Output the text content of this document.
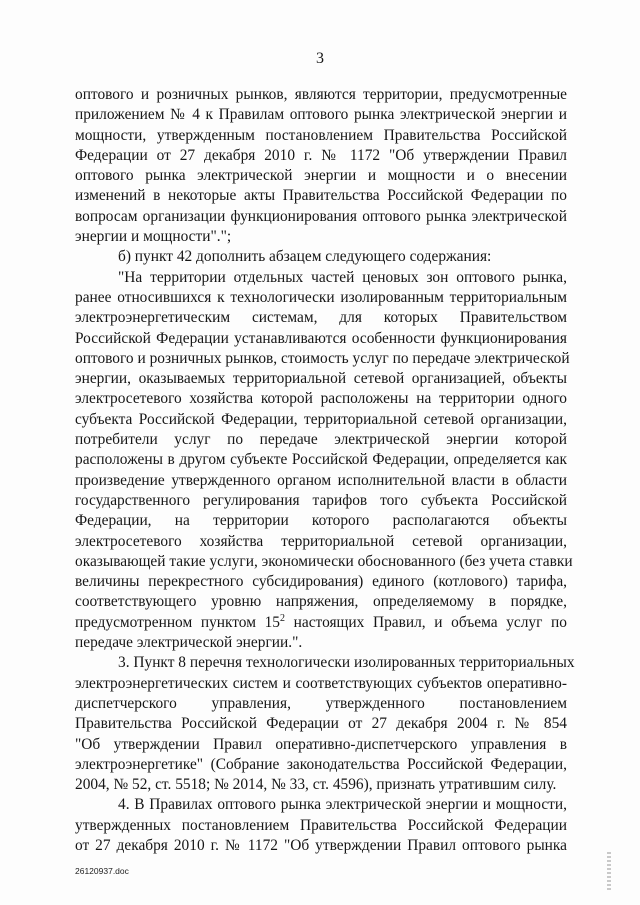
3
оптового и розничных рынков, являются территории, предусмотренные
приложением № 4 к Правилам оптового рынка электрической энергии и
мощности, утвержденным постановлением Правительства Российской
Федерации от 27 декабря 2010 г. № 1172 "Об утверждении Правил
оптового рынка электрической энергии и мощности и о внесении
изменений в некоторые акты Правительства Российской Федерации по
вопросам организации функционирования оптового рынка электрической
энергии и мощности".";
б) пункт 42 дополнить абзацем следующего содержания:
"На территории отдельных частей ценовых зон оптового рынка,
ранее относившихся к технологически изолированным территориальным
электроэнергетическим системам, для которых Правительством
Российской Федерации устанавливаются особенности функционирования
оптового и розничных рынков, стоимость услуг по передаче электрической
энергии, оказываемых территориальной сетевой организацией, объекты
электросетевого хозяйства которой расположены на территории одного
субъекта Российской Федерации, территориальной сетевой организации,
потребители услуг по передаче электрической энергии которой
расположены в другом субъекте Российской Федерации, определяется как
произведение утвержденного органом исполнительной власти в области
государственного регулирования тарифов того субъекта Российской
Федерации, на территории которого располагаются объекты
электросетевого хозяйства территориальной сетевой организации,
оказывающей такие услуги, экономически обоснованного (без учета ставки
величины перекрестного субсидирования) единого (котлового) тарифа,
соответствующего уровню напряжения, определяемому в порядке,
предусмотренном пунктом $15^2$ настоящих Правил, и объема услуг по
передаче электрической энергии.".
3. Пункт 8 перечня технологически изолированных территориальных
электроэнергетических систем и соответствующих субъектов оперативно-
диспетчерского управления, утвержденного постановлением
Правительства Российской Федерации от 27 декабря 2004 г. № 854
"Об утверждении Правил оперативно-диспетчерского управления в
электроэнергетике" (Собрание законодательства Российской Федерации,
2004, № 52, ст. 5518; № 2014, № 33, ст. 4596), признать утратившим силу.
4. В Правилах оптового рынка электрической энергии и мощности,
утвержденных постановлением Правительства Российской Федерации
от 27 декабря 2010 г. № 1172 "Об утверждении Правил оптового рынка
26120937.doc
